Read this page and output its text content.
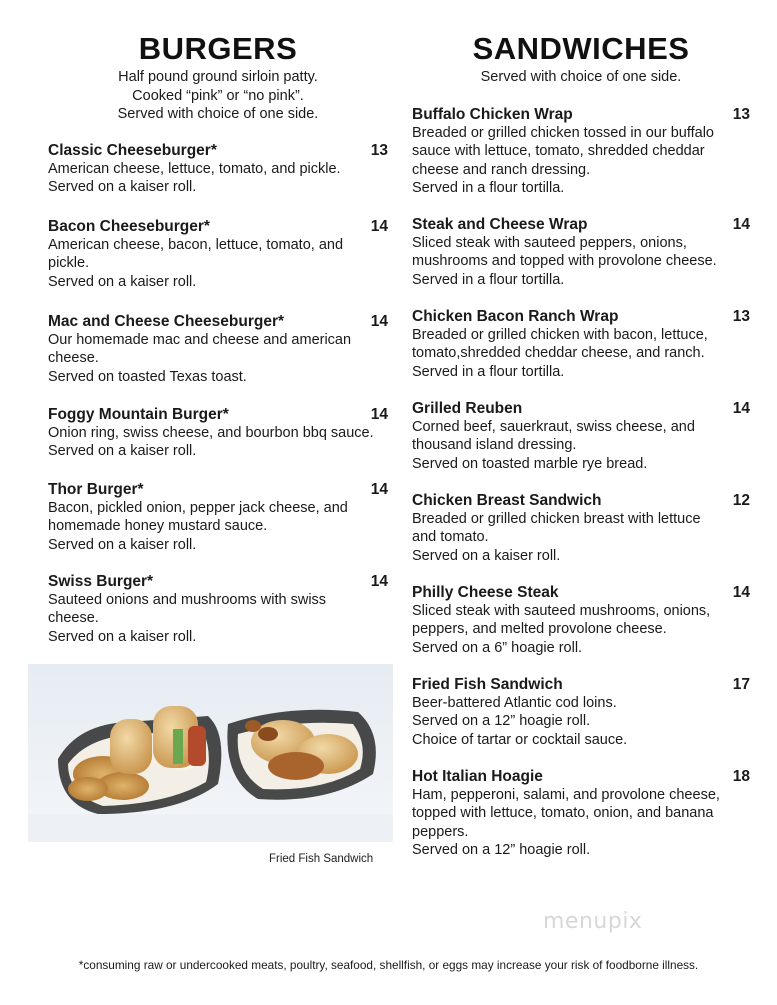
BURGERS

Half pound ground sirloin patty.

Cooked “pink” or “no pink”.

Served with choice of one side.

Classic Cheeseburger*	13
American cheese, lettuce, tomato, and pickle.
Served on a kaiser roll.
Bacon Cheeseburger*	14
American cheese, bacon, lettuce, tomato, and
pickle.
Served on a kaiser roll.
Mac and Cheese Cheeseburger*	14
Our homemade mac and cheese and american
cheese.
Served on toasted Texas toast.
Foggy Mountain Burger*	14
Onion ring, swiss cheese, and bourbon bbq sauce.
Served on a kaiser roll.
Thor Burger*	14
Bacon, pickled onion, pepper jack cheese, and
homemade honey mustard sauce.
Served on a kaiser roll.
Swiss Burger*	14
Sauteed onions and mushrooms with swiss
cheese.
Served on a kaiser roll.
Fried Fish Sandwich
SANDWICHES

Served with choice of one side.

Buffalo Chicken Wrap	13
Breaded or grilled chicken tossed in our buffalo
sauce with lettuce, tomato, shredded cheddar
cheese and ranch dressing.
Served in a flour tortilla.
Steak and Cheese Wrap	14
Sliced steak with sauteed peppers, onions,
mushrooms and topped with provolone cheese.
Served in a flour tortilla.
Chicken Bacon Ranch Wrap	13
Breaded or grilled chicken with bacon, lettuce,
tomato,shredded cheddar cheese, and ranch.
Served in a flour tortilla.
Grilled Reuben	14
Corned beef, sauerkraut, swiss cheese, and
thousand island dressing.
Served on toasted marble rye bread.
Chicken Breast Sandwich	12
Breaded or grilled chicken breast with lettuce
and tomato.
Served on a kaiser roll.
Philly Cheese Steak	14
Sliced steak with sauteed mushrooms, onions,
peppers, and melted provolone cheese.
Served on a 6” hoagie roll.
Fried Fish Sandwich	17
Beer-battered Atlantic cod loins.
Served on a 12” hoagie roll.
Choice of tartar or cocktail sauce.
Hot Italian Hoagie	18
Ham, pepperoni, salami, and provolone cheese,
topped with lettuce, tomato, onion, and banana
peppers.
Served on a 12” hoagie roll.
menupix
*consuming raw or undercooked meats, poultry, seafood, shellfish, or eggs may increase your risk of foodborne illness.
